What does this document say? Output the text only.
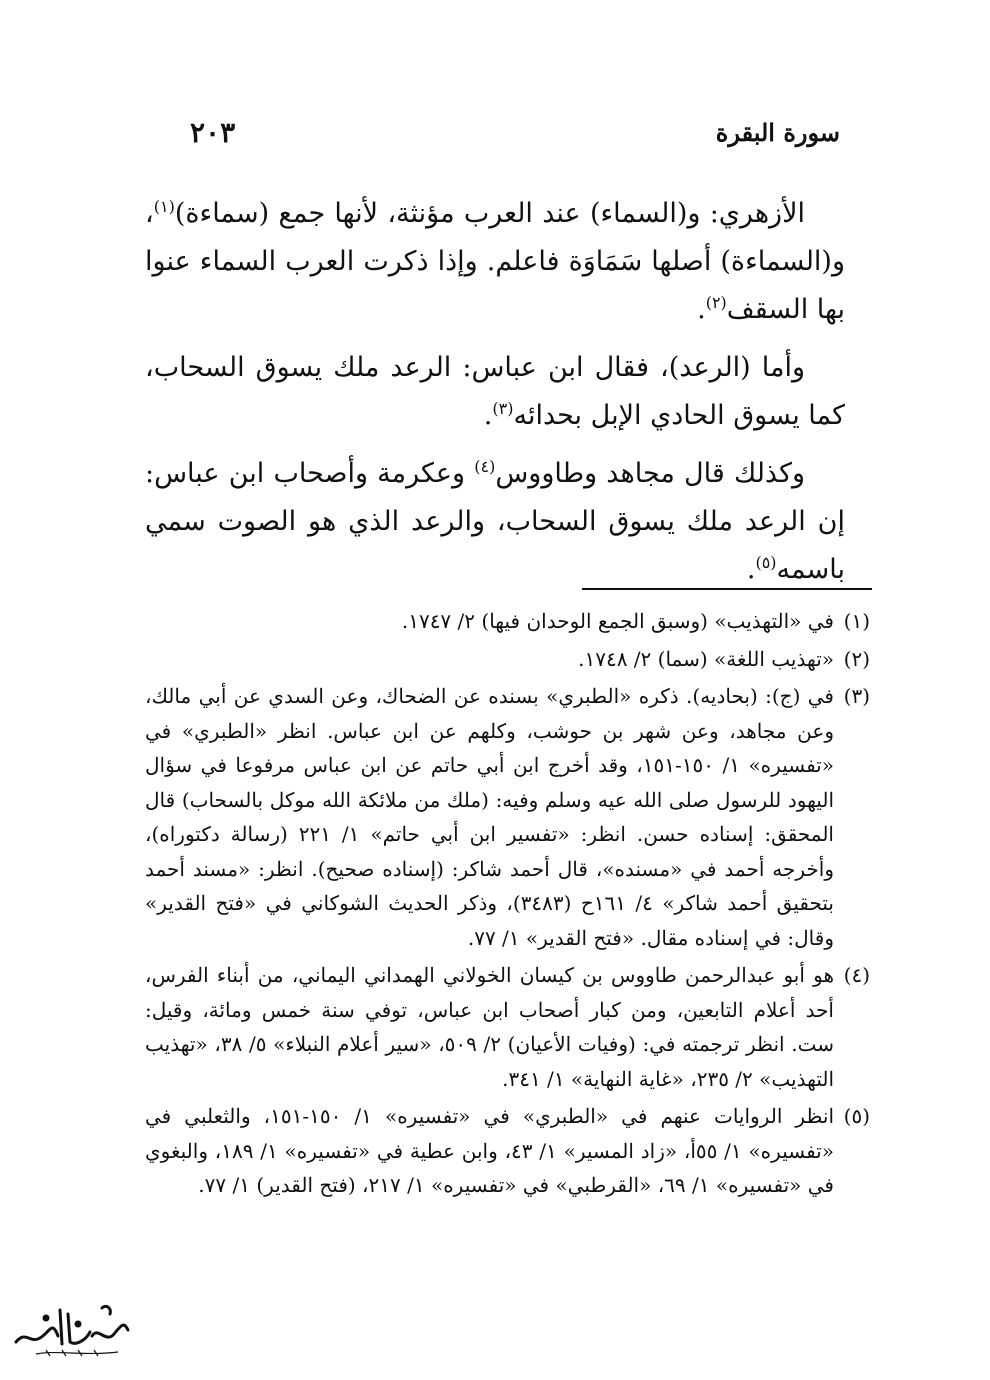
سورة البقرة
٢٠٣

الأزهري: و(السماء) عند العرب مؤنثة، لأنها جمع (سماءة)$^{(١)}$، و(السماءة) أصلها سَمَاوَة فاعلم. وإذا ذكرت العرب السماء عنوا بها السقف$^{(٢)}$.

وأما (الرعد)، فقال ابن عباس: الرعد ملك يسوق السحاب، كما يسوق الحادي الإبل بحدائه$^{(٣)}$.

وكذلك قال مجاهد وطاووس$^{(٤)}$ وعكرمة وأصحاب ابن عباس: إن الرعد ملك يسوق السحاب، والرعد الذي هو الصوت سمي باسمه$^{(٥)}$.

(١)
في «التهذيب» (وسبق الجمع الوحدان فيها) ٢/ ١٧٤٧.
(٢)
«تهذيب اللغة» (سما) ٢/ ١٧٤٨.
(٣)
في (ج): (بحاديه). ذكره «الطبري» بسنده عن الضحاك، وعن السدي عن أبي مالك، وعن مجاهد، وعن شهر بن حوشب، وكلهم عن ابن عباس. انظر «الطبري» في «تفسيره» ١/ ١٥٠-١٥١، وقد أخرج ابن أبي حاتم عن ابن عباس مرفوعا في سؤال اليهود للرسول صلى الله عيه وسلم وفيه: (ملك من ملائكة الله موكل بالسحاب) قال المحقق: إسناده حسن. انظر: «تفسير ابن أبي حاتم» ١/ ٢٢١ (رسالة دكتوراه)، وأخرجه أحمد في «مسنده»، قال أحمد شاكر: (إسناده صحيح). انظر: «مسند أحمد بتحقيق أحمد شاكر» ٤/ ١٦١ح (٣٤٨٣)، وذكر الحديث الشوكاني في «فتح القدير» وقال: في إسناده مقال. «فتح القدير» ١/ ٧٧.
(٤)
هو أبو عبدالرحمن طاووس بن كيسان الخولاني الهمداني اليماني، من أبناء الفرس، أحد أعلام التابعين، ومن كبار أصحاب ابن عباس، توفي سنة خمس ومائة، وقيل: ست. انظر ترجمته في: (وفيات الأعيان) ٢/ ٥٠٩، «سير أعلام النبلاء» ٥/ ٣٨، «تهذيب التهذيب» ٢/ ٢٣٥، «غاية النهاية» ١/ ٣٤١.
(٥)
انظر الروايات عنهم في «الطبري» في «تفسيره» ١/ ١٥٠-١٥١، والثعلبي في «تفسيره» ١/ ٥٥أ، «زاد المسير» ١/ ٤٣، وابن عطية في «تفسيره» ١/ ١٨٩، والبغوي في «تفسيره» ١/ ٦٩، «القرطبي» في «تفسيره» ١/ ٢١٧، (فتح القدير) ١/ ٧٧.
